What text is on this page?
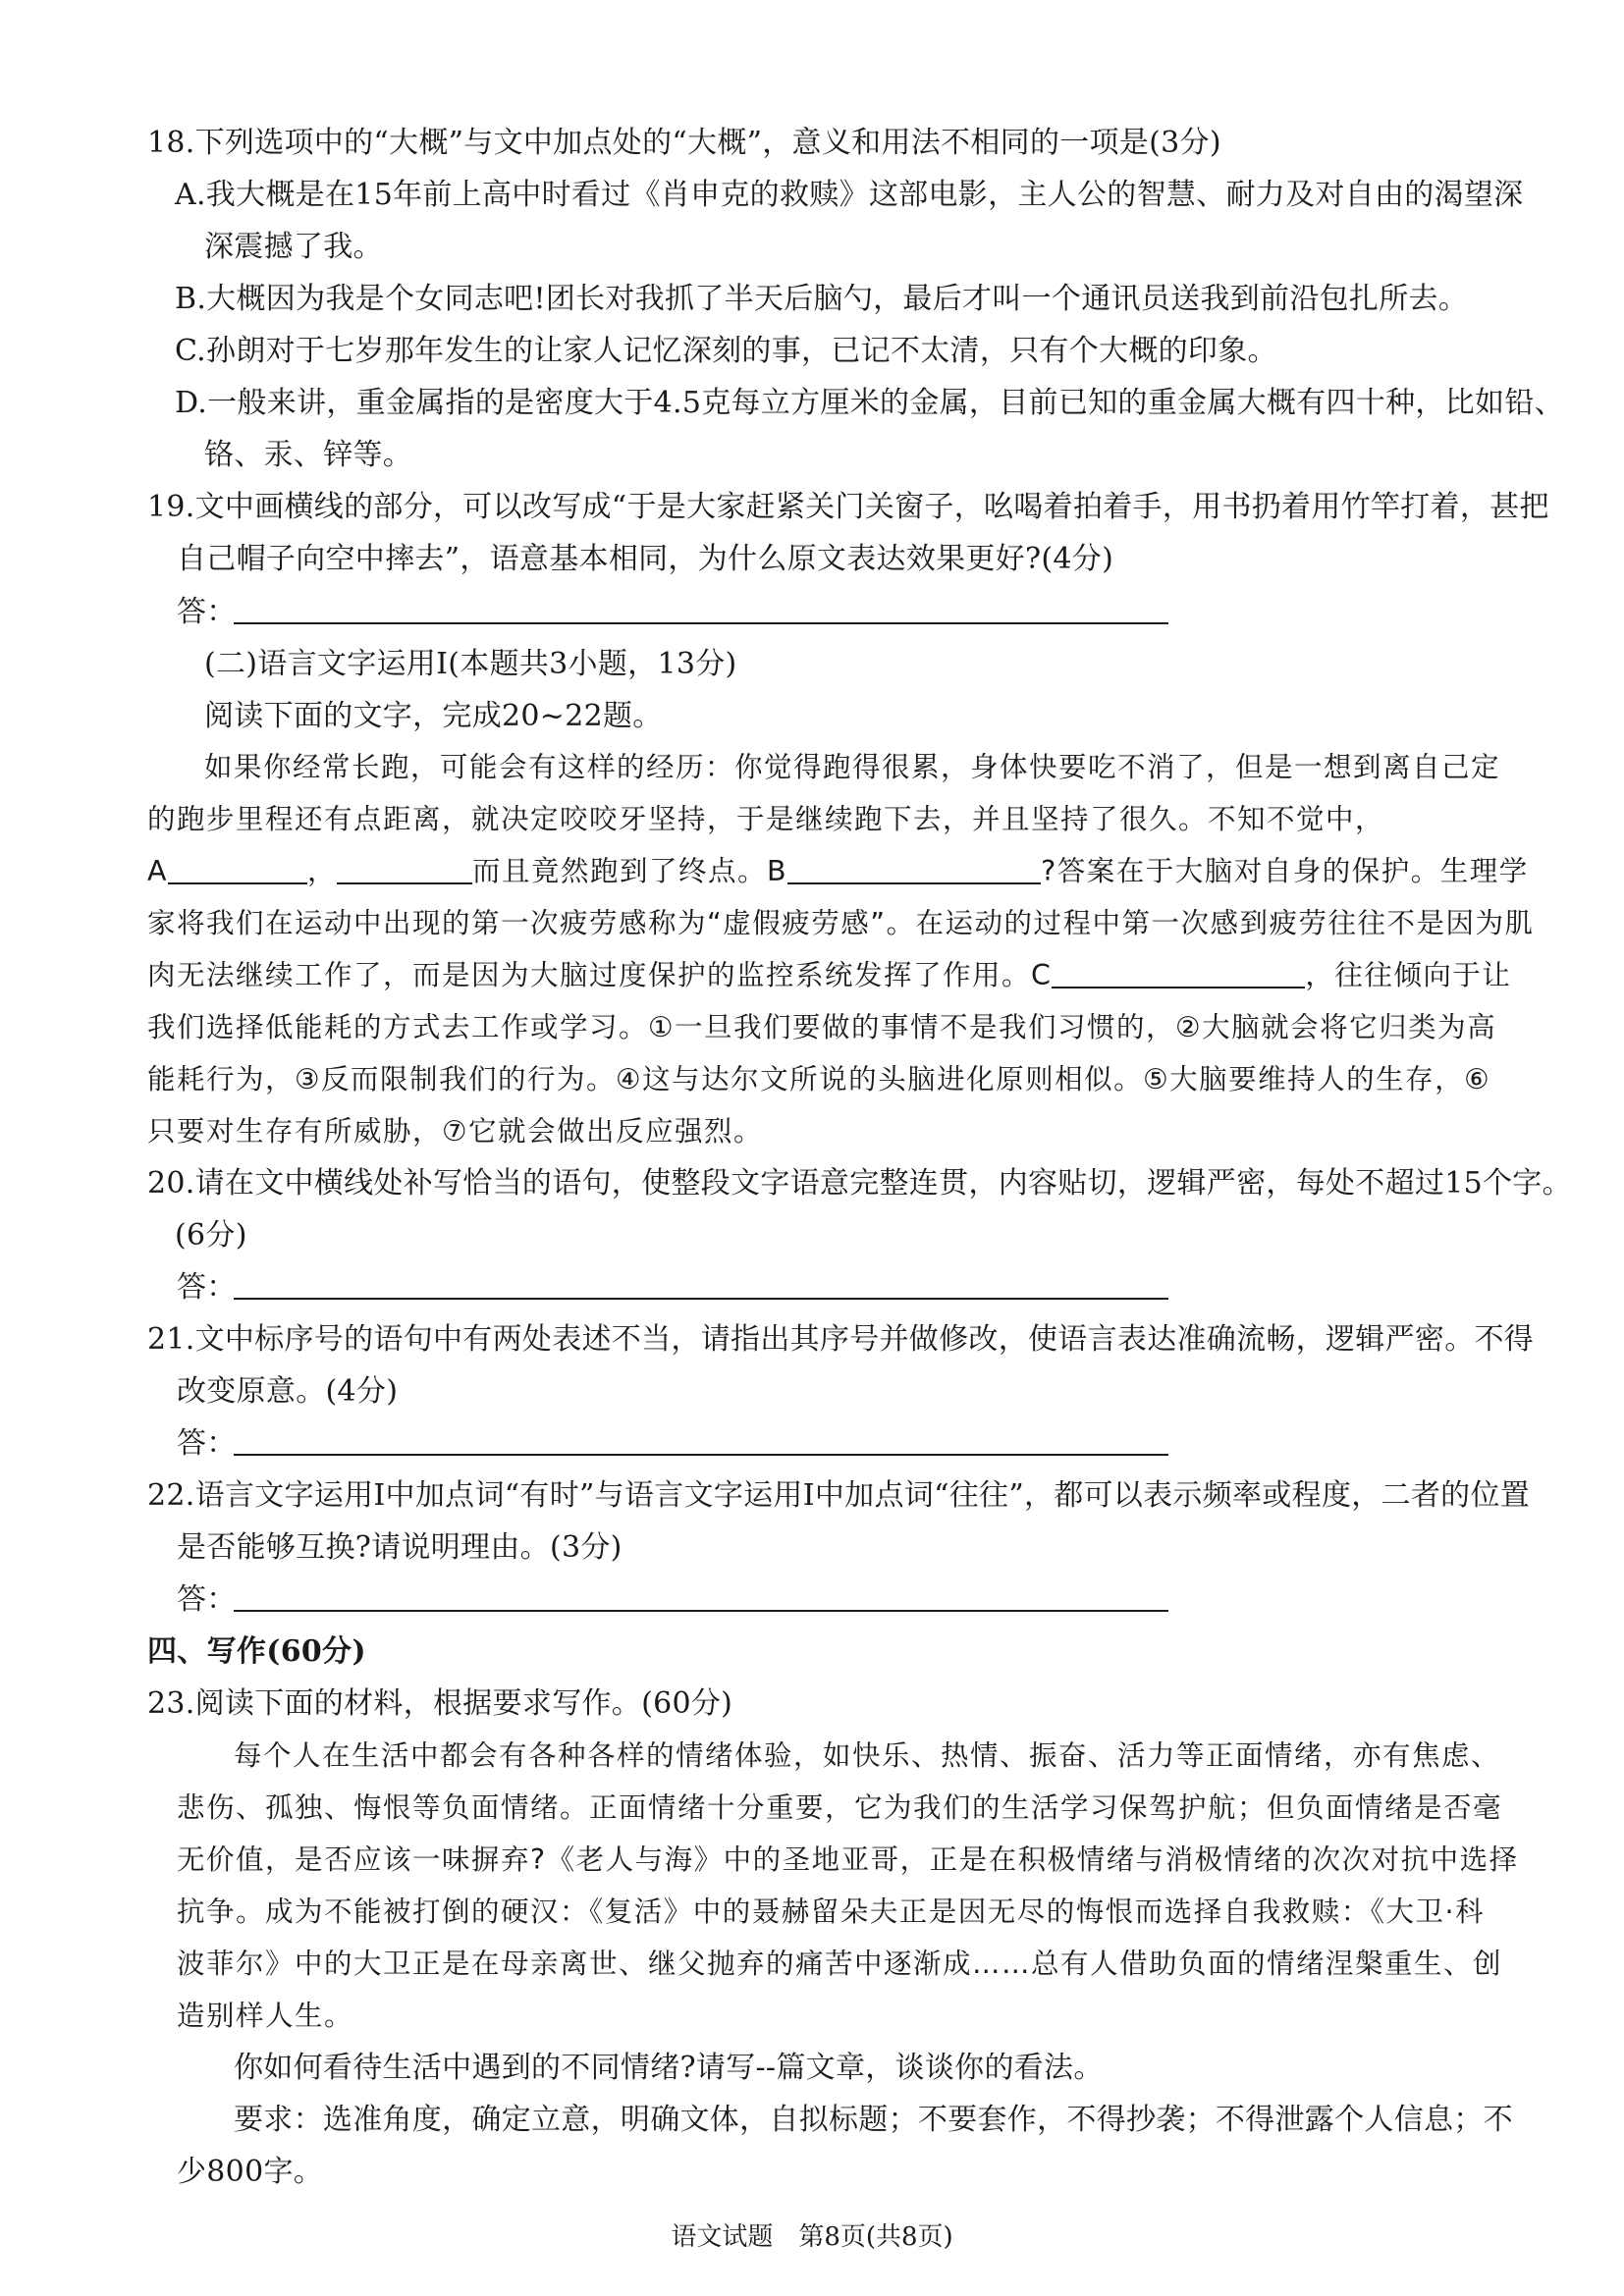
18.下列选项中的“大概”与文中加点处的“大概”，意义和用法不相同的一项是(3分)
A.我大概是在15年前上高中时看过《肖申克的救赎》这部电影，主人公的智慧、耐力及对自由的渴望深
深震撼了我。
B.大概因为我是个女同志吧!团长对我抓了半天后脑勺，最后才叫一个通讯员送我到前沿包扎所去。
C.孙朗对于七岁那年发生的让家人记忆深刻的事，已记不太清，只有个大概的印象。
D.一般来讲，重金属指的是密度大于4.5克每立方厘米的金属，目前已知的重金属大概有四十种，比如铅、
铬、汞、锌等。
19.文中画横线的部分，可以改写成“于是大家赶紧关门关窗子，吆喝着拍着手，用书扔着用竹竿打着，甚把
自己帽子向空中摔去”，语意基本相同，为什么原文表达效果更好?(4分)
答：
(二)语言文字运用Ⅰ(本题共3小题，13分)
阅读下面的文字，完成20~22题。
如果你经常长跑，可能会有这样的经历：你觉得跑得很累，身体快要吃不消了，但是一想到离自己定
的跑步里程还有点距离，就决定咬咬牙坚持，于是继续跑下去，并且坚持了很久。不知不觉中，
A	，	而且竟然跑到了终点。B	?答案在于大脑对自身的保护。生理学
家将我们在运动中出现的第一次疲劳感称为“虚假疲劳感”。在运动的过程中第一次感到疲劳往往不是因为肌
肉无法继续工作了，而是因为大脑过度保护的监控系统发挥了作用。C	，往往倾向于让
我们选择低能耗的方式去工作或学习。①一旦我们要做的事情不是我们习惯的，②大脑就会将它归类为高
能耗行为，③反而限制我们的行为。④这与达尔文所说的头脑进化原则相似。⑤大脑要维持人的生存，⑥
只要对生存有所威胁，⑦它就会做出反应强烈。
20.请在文中横线处补写恰当的语句，使整段文字语意完整连贯，内容贴切，逻辑严密，每处不超过15个字。
(6分)
答：
21.文中标序号的语句中有两处表述不当，请指出其序号并做修改，使语言表达准确流畅，逻辑严密。不得
改变原意。(4分)
答：
22.语言文字运用Ⅰ中加点词“有时”与语言文字运用Ⅰ中加点词“往往”，都可以表示频率或程度，二者的位置
是否能够互换?请说明理由。(3分)
答：
四、写作(60分)
23.阅读下面的材料，根据要求写作。(60分)
每个人在生活中都会有各种各样的情绪体验，如快乐、热情、振奋、活力等正面情绪，亦有焦虑、
悲伤、孤独、悔恨等负面情绪。正面情绪十分重要，它为我们的生活学习保驾护航；但负面情绪是否毫
无价值，是否应该一味摒弃?《老人与海》中的圣地亚哥，正是在积极情绪与消极情绪的次次对抗中选择
抗争。成为不能被打倒的硬汉：《复活》中的聂赫留朵夫正是因无尽的悔恨而选择自我救赎：《大卫·科
波菲尔》中的大卫正是在母亲离世、继父抛弃的痛苦中逐渐成……总有人借助负面的情绪涅槃重生、创
造别样人生。
你如何看待生活中遇到的不同情绪?请写--篇文章，谈谈你的看法。
要求：选准角度，确定立意，明确文体，自拟标题；不要套作，不得抄袭；不得泄露个人信息；不
少800字。
语文试题　第8页(共8页)
